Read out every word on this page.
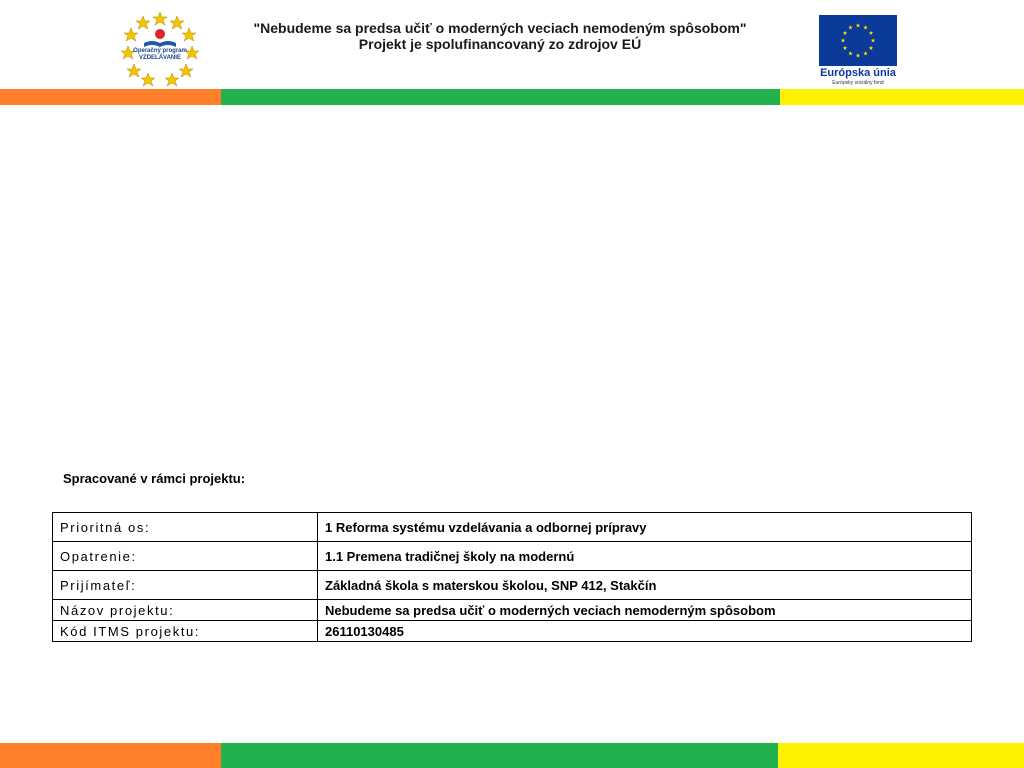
Operačný program
VZDELÁVANIE
"Nebudeme sa predsa učiť o moderných veciach nemodeným spôsobom"
Projekt je spolufinancovaný zo zdrojov EÚ
Európska únia
Európsky sociálny fond
Spracované v rámci projektu:
Prioritná os:	1 Reforma systému vzdelávania a odbornej prípravy
Opatrenie:	1.1 Premena tradičnej školy na modernú
Prijímateľ:	Základná škola s materskou školou, SNP 412, Stakčín
Názov projektu:	Nebudeme sa predsa učiť o moderných veciach nemoderným spôsobom
Kód ITMS projektu:	26110130485
